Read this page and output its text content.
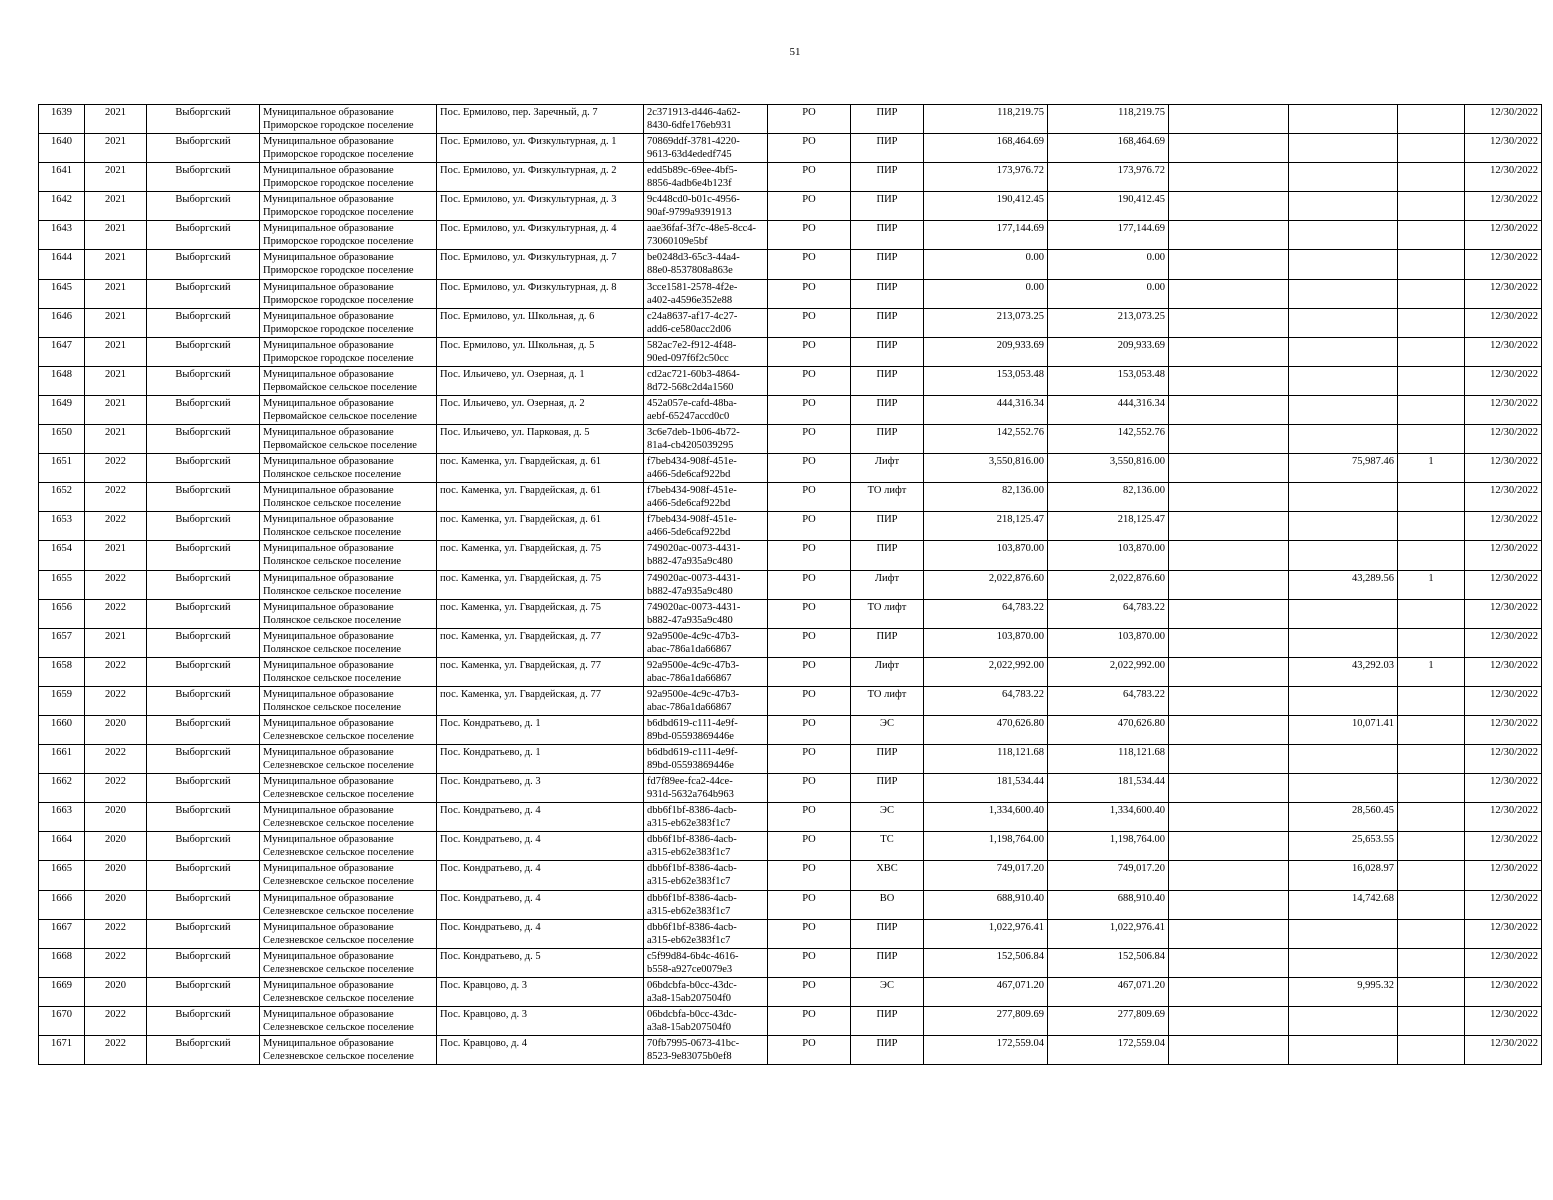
51
1639	2021	Выборгский	Муниципальное образование
Приморское городское поселение	Пос. Ермилово, пер. Заречный, д. 7	2c371913-d446-4a62-
8430-6dfe176eb931	РО	ПИР	118,219.75	118,219.75				12/30/2022
1640	2021	Выборгский	Муниципальное образование
Приморское городское поселение	Пос. Ермилово, ул. Физкультурная, д. 1	70869ddf-3781-4220-
9613-63d4ededf745	РО	ПИР	168,464.69	168,464.69				12/30/2022
1641	2021	Выборгский	Муниципальное образование
Приморское городское поселение	Пос. Ермилово, ул. Физкультурная, д. 2	edd5b89c-69ee-4bf5-
8856-4adb6e4b123f	РО	ПИР	173,976.72	173,976.72				12/30/2022
1642	2021	Выборгский	Муниципальное образование
Приморское городское поселение	Пос. Ермилово, ул. Физкультурная, д. 3	9c448cd0-b01c-4956-
90af-9799a9391913	РО	ПИР	190,412.45	190,412.45				12/30/2022
1643	2021	Выборгский	Муниципальное образование
Приморское городское поселение	Пос. Ермилово, ул. Физкультурная, д. 4	aae36faf-3f7c-48e5-8cc4-
73060109e5bf	РО	ПИР	177,144.69	177,144.69				12/30/2022
1644	2021	Выборгский	Муниципальное образование
Приморское городское поселение	Пос. Ермилово, ул. Физкультурная, д. 7	be0248d3-65c3-44a4-
88e0-8537808a863e	РО	ПИР	0.00	0.00				12/30/2022
1645	2021	Выборгский	Муниципальное образование
Приморское городское поселение	Пос. Ермилово, ул. Физкультурная, д. 8	3cce1581-2578-4f2e-
a402-a4596e352e88	РО	ПИР	0.00	0.00				12/30/2022
1646	2021	Выборгский	Муниципальное образование
Приморское городское поселение	Пос. Ермилово, ул. Школьная, д. 6	c24a8637-af17-4c27-
add6-ce580acc2d06	РО	ПИР	213,073.25	213,073.25				12/30/2022
1647	2021	Выборгский	Муниципальное образование
Приморское городское поселение	Пос. Ермилово, ул. Школьная, д. 5	582ac7e2-f912-4f48-
90ed-097f6f2c50cc	РО	ПИР	209,933.69	209,933.69				12/30/2022
1648	2021	Выборгский	Муниципальное образование
Первомайское сельское поселение	Пос. Ильичево, ул. Озерная, д. 1	cd2ac721-60b3-4864-
8d72-568c2d4a1560	РО	ПИР	153,053.48	153,053.48				12/30/2022
1649	2021	Выборгский	Муниципальное образование
Первомайское сельское поселение	Пос. Ильичево, ул. Озерная, д. 2	452a057e-cafd-48ba-
aebf-65247accd0c0	РО	ПИР	444,316.34	444,316.34				12/30/2022
1650	2021	Выборгский	Муниципальное образование
Первомайское сельское поселение	Пос. Ильичево, ул. Парковая, д. 5	3c6e7deb-1b06-4b72-
81a4-cb4205039295	РО	ПИР	142,552.76	142,552.76				12/30/2022
1651	2022	Выборгский	Муниципальное образование
Полянское сельское поселение	пос. Каменка, ул. Гвардейская, д. 61	f7beb434-908f-451e-
a466-5de6caf922bd	РО	Лифт	3,550,816.00	3,550,816.00		75,987.46	1	12/30/2022
1652	2022	Выборгский	Муниципальное образование
Полянское сельское поселение	пос. Каменка, ул. Гвардейская, д. 61	f7beb434-908f-451e-
a466-5de6caf922bd	РО	ТО лифт	82,136.00	82,136.00				12/30/2022
1653	2022	Выборгский	Муниципальное образование
Полянское сельское поселение	пос. Каменка, ул. Гвардейская, д. 61	f7beb434-908f-451e-
a466-5de6caf922bd	РО	ПИР	218,125.47	218,125.47				12/30/2022
1654	2021	Выборгский	Муниципальное образование
Полянское сельское поселение	пос. Каменка, ул. Гвардейская, д. 75	749020ac-0073-4431-
b882-47a935a9c480	РО	ПИР	103,870.00	103,870.00				12/30/2022
1655	2022	Выборгский	Муниципальное образование
Полянское сельское поселение	пос. Каменка, ул. Гвардейская, д. 75	749020ac-0073-4431-
b882-47a935a9c480	РО	Лифт	2,022,876.60	2,022,876.60		43,289.56	1	12/30/2022
1656	2022	Выборгский	Муниципальное образование
Полянское сельское поселение	пос. Каменка, ул. Гвардейская, д. 75	749020ac-0073-4431-
b882-47a935a9c480	РО	ТО лифт	64,783.22	64,783.22				12/30/2022
1657	2021	Выборгский	Муниципальное образование
Полянское сельское поселение	пос. Каменка, ул. Гвардейская, д. 77	92a9500e-4c9c-47b3-
abac-786a1da66867	РО	ПИР	103,870.00	103,870.00				12/30/2022
1658	2022	Выборгский	Муниципальное образование
Полянское сельское поселение	пос. Каменка, ул. Гвардейская, д. 77	92a9500e-4c9c-47b3-
abac-786a1da66867	РО	Лифт	2,022,992.00	2,022,992.00		43,292.03	1	12/30/2022
1659	2022	Выборгский	Муниципальное образование
Полянское сельское поселение	пос. Каменка, ул. Гвардейская, д. 77	92a9500e-4c9c-47b3-
abac-786a1da66867	РО	ТО лифт	64,783.22	64,783.22				12/30/2022
1660	2020	Выборгский	Муниципальное образование
Селезневское сельское поселение	Пос. Кондратьево, д. 1	b6dbd619-c111-4e9f-
89bd-05593869446e	РО	ЭС	470,626.80	470,626.80		10,071.41		12/30/2022
1661	2022	Выборгский	Муниципальное образование
Селезневское сельское поселение	Пос. Кондратьево, д. 1	b6dbd619-c111-4e9f-
89bd-05593869446e	РО	ПИР	118,121.68	118,121.68				12/30/2022
1662	2022	Выборгский	Муниципальное образование
Селезневское сельское поселение	Пос. Кондратьево, д. 3	fd7f89ee-fca2-44ce-
931d-5632a764b963	РО	ПИР	181,534.44	181,534.44				12/30/2022
1663	2020	Выборгский	Муниципальное образование
Селезневское сельское поселение	Пос. Кондратьево, д. 4	dbb6f1bf-8386-4acb-
a315-eb62e383f1c7	РО	ЭС	1,334,600.40	1,334,600.40		28,560.45		12/30/2022
1664	2020	Выборгский	Муниципальное образование
Селезневское сельское поселение	Пос. Кондратьево, д. 4	dbb6f1bf-8386-4acb-
a315-eb62e383f1c7	РО	ТС	1,198,764.00	1,198,764.00		25,653.55		12/30/2022
1665	2020	Выборгский	Муниципальное образование
Селезневское сельское поселение	Пос. Кондратьево, д. 4	dbb6f1bf-8386-4acb-
a315-eb62e383f1c7	РО	ХВС	749,017.20	749,017.20		16,028.97		12/30/2022
1666	2020	Выборгский	Муниципальное образование
Селезневское сельское поселение	Пос. Кондратьево, д. 4	dbb6f1bf-8386-4acb-
a315-eb62e383f1c7	РО	ВО	688,910.40	688,910.40		14,742.68		12/30/2022
1667	2022	Выборгский	Муниципальное образование
Селезневское сельское поселение	Пос. Кондратьево, д. 4	dbb6f1bf-8386-4acb-
a315-eb62e383f1c7	РО	ПИР	1,022,976.41	1,022,976.41				12/30/2022
1668	2022	Выборгский	Муниципальное образование
Селезневское сельское поселение	Пос. Кондратьево, д. 5	c5f99d84-6b4c-4616-
b558-a927ce0079e3	РО	ПИР	152,506.84	152,506.84				12/30/2022
1669	2020	Выборгский	Муниципальное образование
Селезневское сельское поселение	Пос. Кравцово, д. 3	06bdcbfa-b0cc-43dc-
a3a8-15ab207504f0	РО	ЭС	467,071.20	467,071.20		9,995.32		12/30/2022
1670	2022	Выборгский	Муниципальное образование
Селезневское сельское поселение	Пос. Кравцово, д. 3	06bdcbfa-b0cc-43dc-
a3a8-15ab207504f0	РО	ПИР	277,809.69	277,809.69				12/30/2022
1671	2022	Выборгский	Муниципальное образование
Селезневское сельское поселение	Пос. Кравцово, д. 4	70fb7995-0673-41bc-
8523-9e83075b0ef8	РО	ПИР	172,559.04	172,559.04				12/30/2022
